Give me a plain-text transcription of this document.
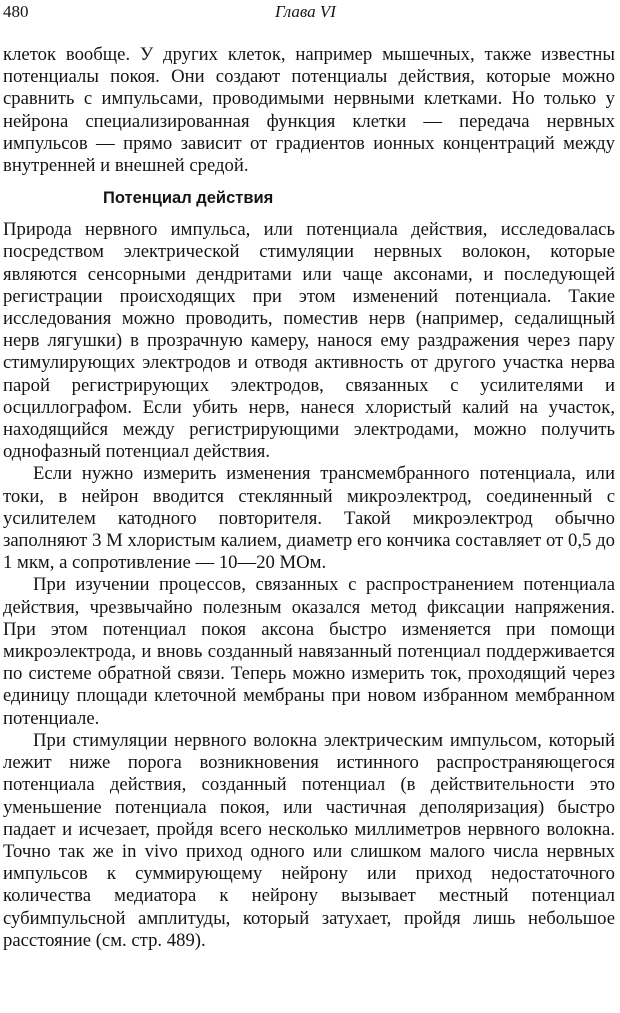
480	Глава VI

клеток вообще. У других клеток, например мышечных, также известны потенциалы покоя. Они создают потенциалы действия, которые можно сравнить с импульсами, проводимыми нервными клетками. Но только у нейрона специализированная функция клетки — передача нервных импульсов — прямо зависит от градиентов ионных концентраций между внутренней и внешней средой.

Потенциал действия

Природа нервного импульса, или потенциала действия, исследовалась посредством электрической стимуляции нервных волокон, которые являются сенсорными дендритами или чаще аксонами, и последующей регистрации происходящих при этом изменений потенциала. Такие исследования можно проводить, поместив нерв (например, седалищный нерв лягушки) в прозрачную камеру, нанося ему раздражения через пару стимулирующих электродов и отводя активность от другого участка нерва парой регистрирующих электродов, связанных с усилителями и осциллографом. Если убить нерв, нанеся хлористый калий на участок, находящийся между регистрирующими электродами, можно получить однофазный потенциал действия.

Если нужно измерить изменения трансмембранного потенциала, или токи, в нейрон вводится стеклянный микроэлектрод, соединенный с усилителем катодного повторителя. Такой микроэлектрод обычно заполняют 3 М хлористым калием, диаметр его кончика составляет от 0,5 до 1 мкм, а сопротивление — 10—20 МОм.

При изучении процессов, связанных с распространением потенциала действия, чрезвычайно полезным оказался метод фиксации напряжения. При этом потенциал покоя аксона быстро изменяется при помощи микроэлектрода, и вновь созданный навязанный потенциал поддерживается по системе обратной связи. Теперь можно измерить ток, проходящий через единицу площади клеточной мембраны при новом избранном мембранном потенциале.

При стимуляции нервного волокна электрическим импульсом, который лежит ниже порога возникновения истинного распространяющегося потенциала действия, созданный потенциал (в действительности это уменьшение потенциала покоя, или частичная деполяризация) быстро падает и исчезает, пройдя всего несколько миллиметров нервного волокна. Точно так же in vivo приход одного или слишком малого числа нервных импульсов к суммирующему нейрону или приход недостаточного количества медиатора к нейрону вызывает местный потенциал субимпульсной амплитуды, который затухает, пройдя лишь небольшое расстояние (см. стр. 489).
